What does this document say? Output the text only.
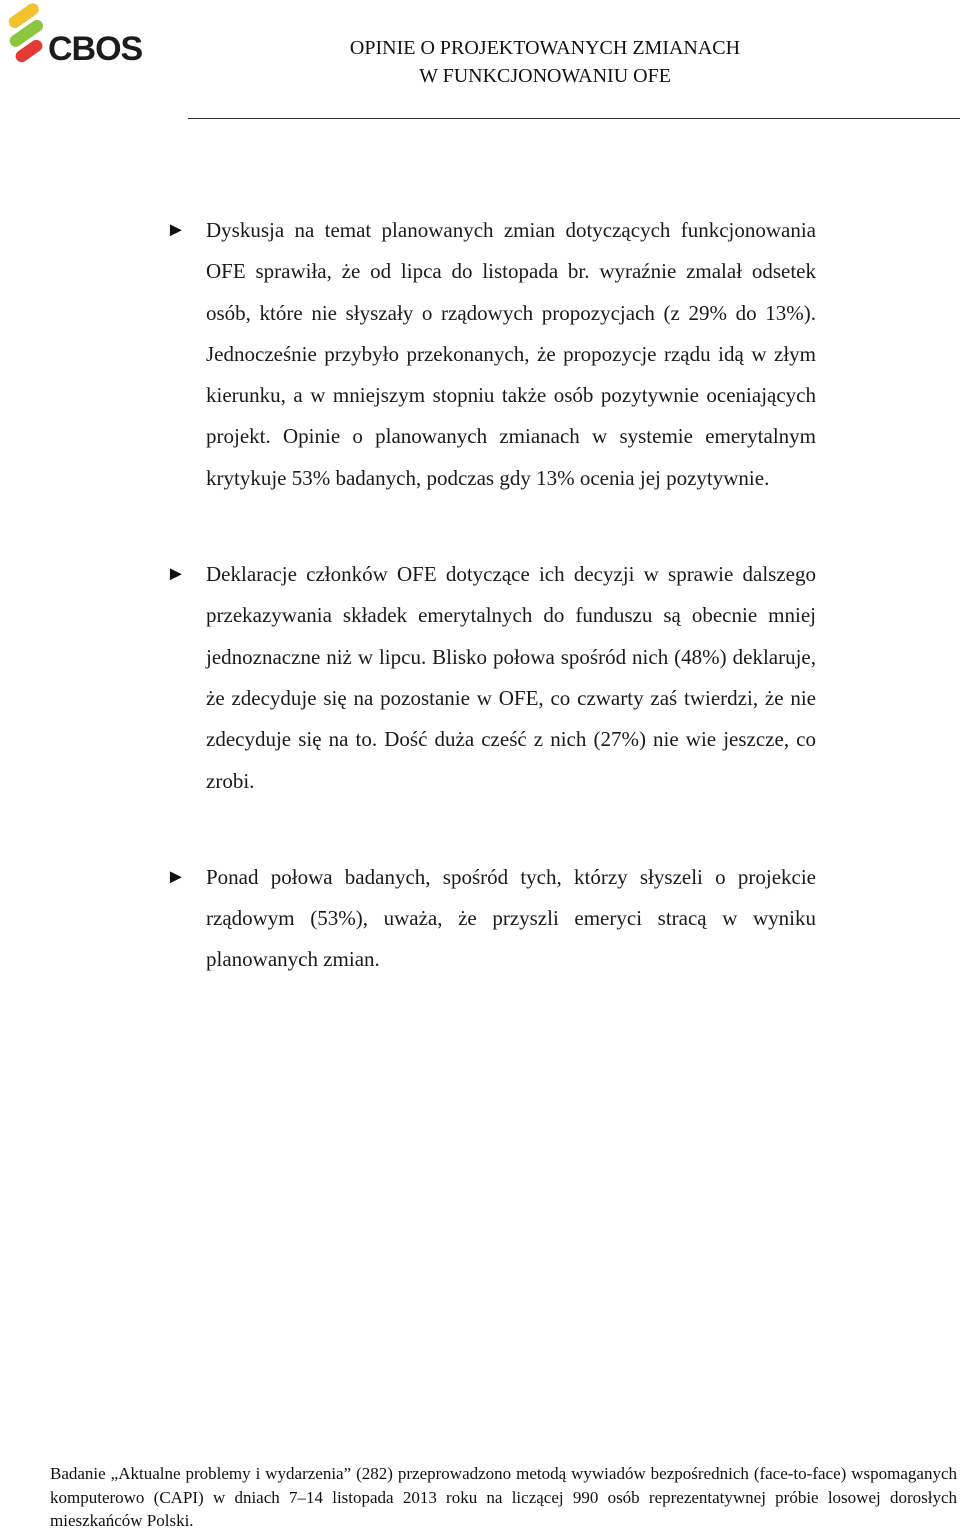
CBOS	OPINIE O PROJEKTOWANYCH ZMIANACH
W FUNKCJONOWANIU OFE
► Dyskusja na temat planowanych zmian dotyczących funkcjonowania OFE sprawiła, że od lipca do listopada br. wyraźnie zmalał odsetek osób, które nie słyszały o rządowych propozycjach (z 29% do 13%). Jednocześnie przybyło przekonanych, że propozycje rządu idą w złym kierunku, a w mniejszym stopniu także osób pozytywnie oceniających projekt. Opinie o planowanych zmianach w systemie emerytalnym krytykuje 53% badanych, podczas gdy 13% ocenia jej pozytywnie.
► Deklaracje członków OFE dotyczące ich decyzji w sprawie dalszego przekazywania składek emerytalnych do funduszu są obecnie mniej jednoznaczne niż w lipcu. Blisko połowa spośród nich (48%) deklaruje, że zdecyduje się na pozostanie w OFE, co czwarty zaś twierdzi, że nie zdecyduje się na to. Dość duża cześć z nich (27%) nie wie jeszcze, co zrobi.
► Ponad połowa badanych, spośród tych, którzy słyszeli o projekcie rządowym (53%), uważa, że przyszli emeryci stracą w wyniku planowanych zmian.
Badanie „Aktualne problemy i wydarzenia” (282) przeprowadzono metodą wywiadów bezpośrednich (face-to-face) wspomaganych komputerowo (CAPI) w dniach 7–14 listopada 2013 roku na liczącej 990 osób reprezentatywnej próbie losowej dorosłych mieszkańców Polski.
